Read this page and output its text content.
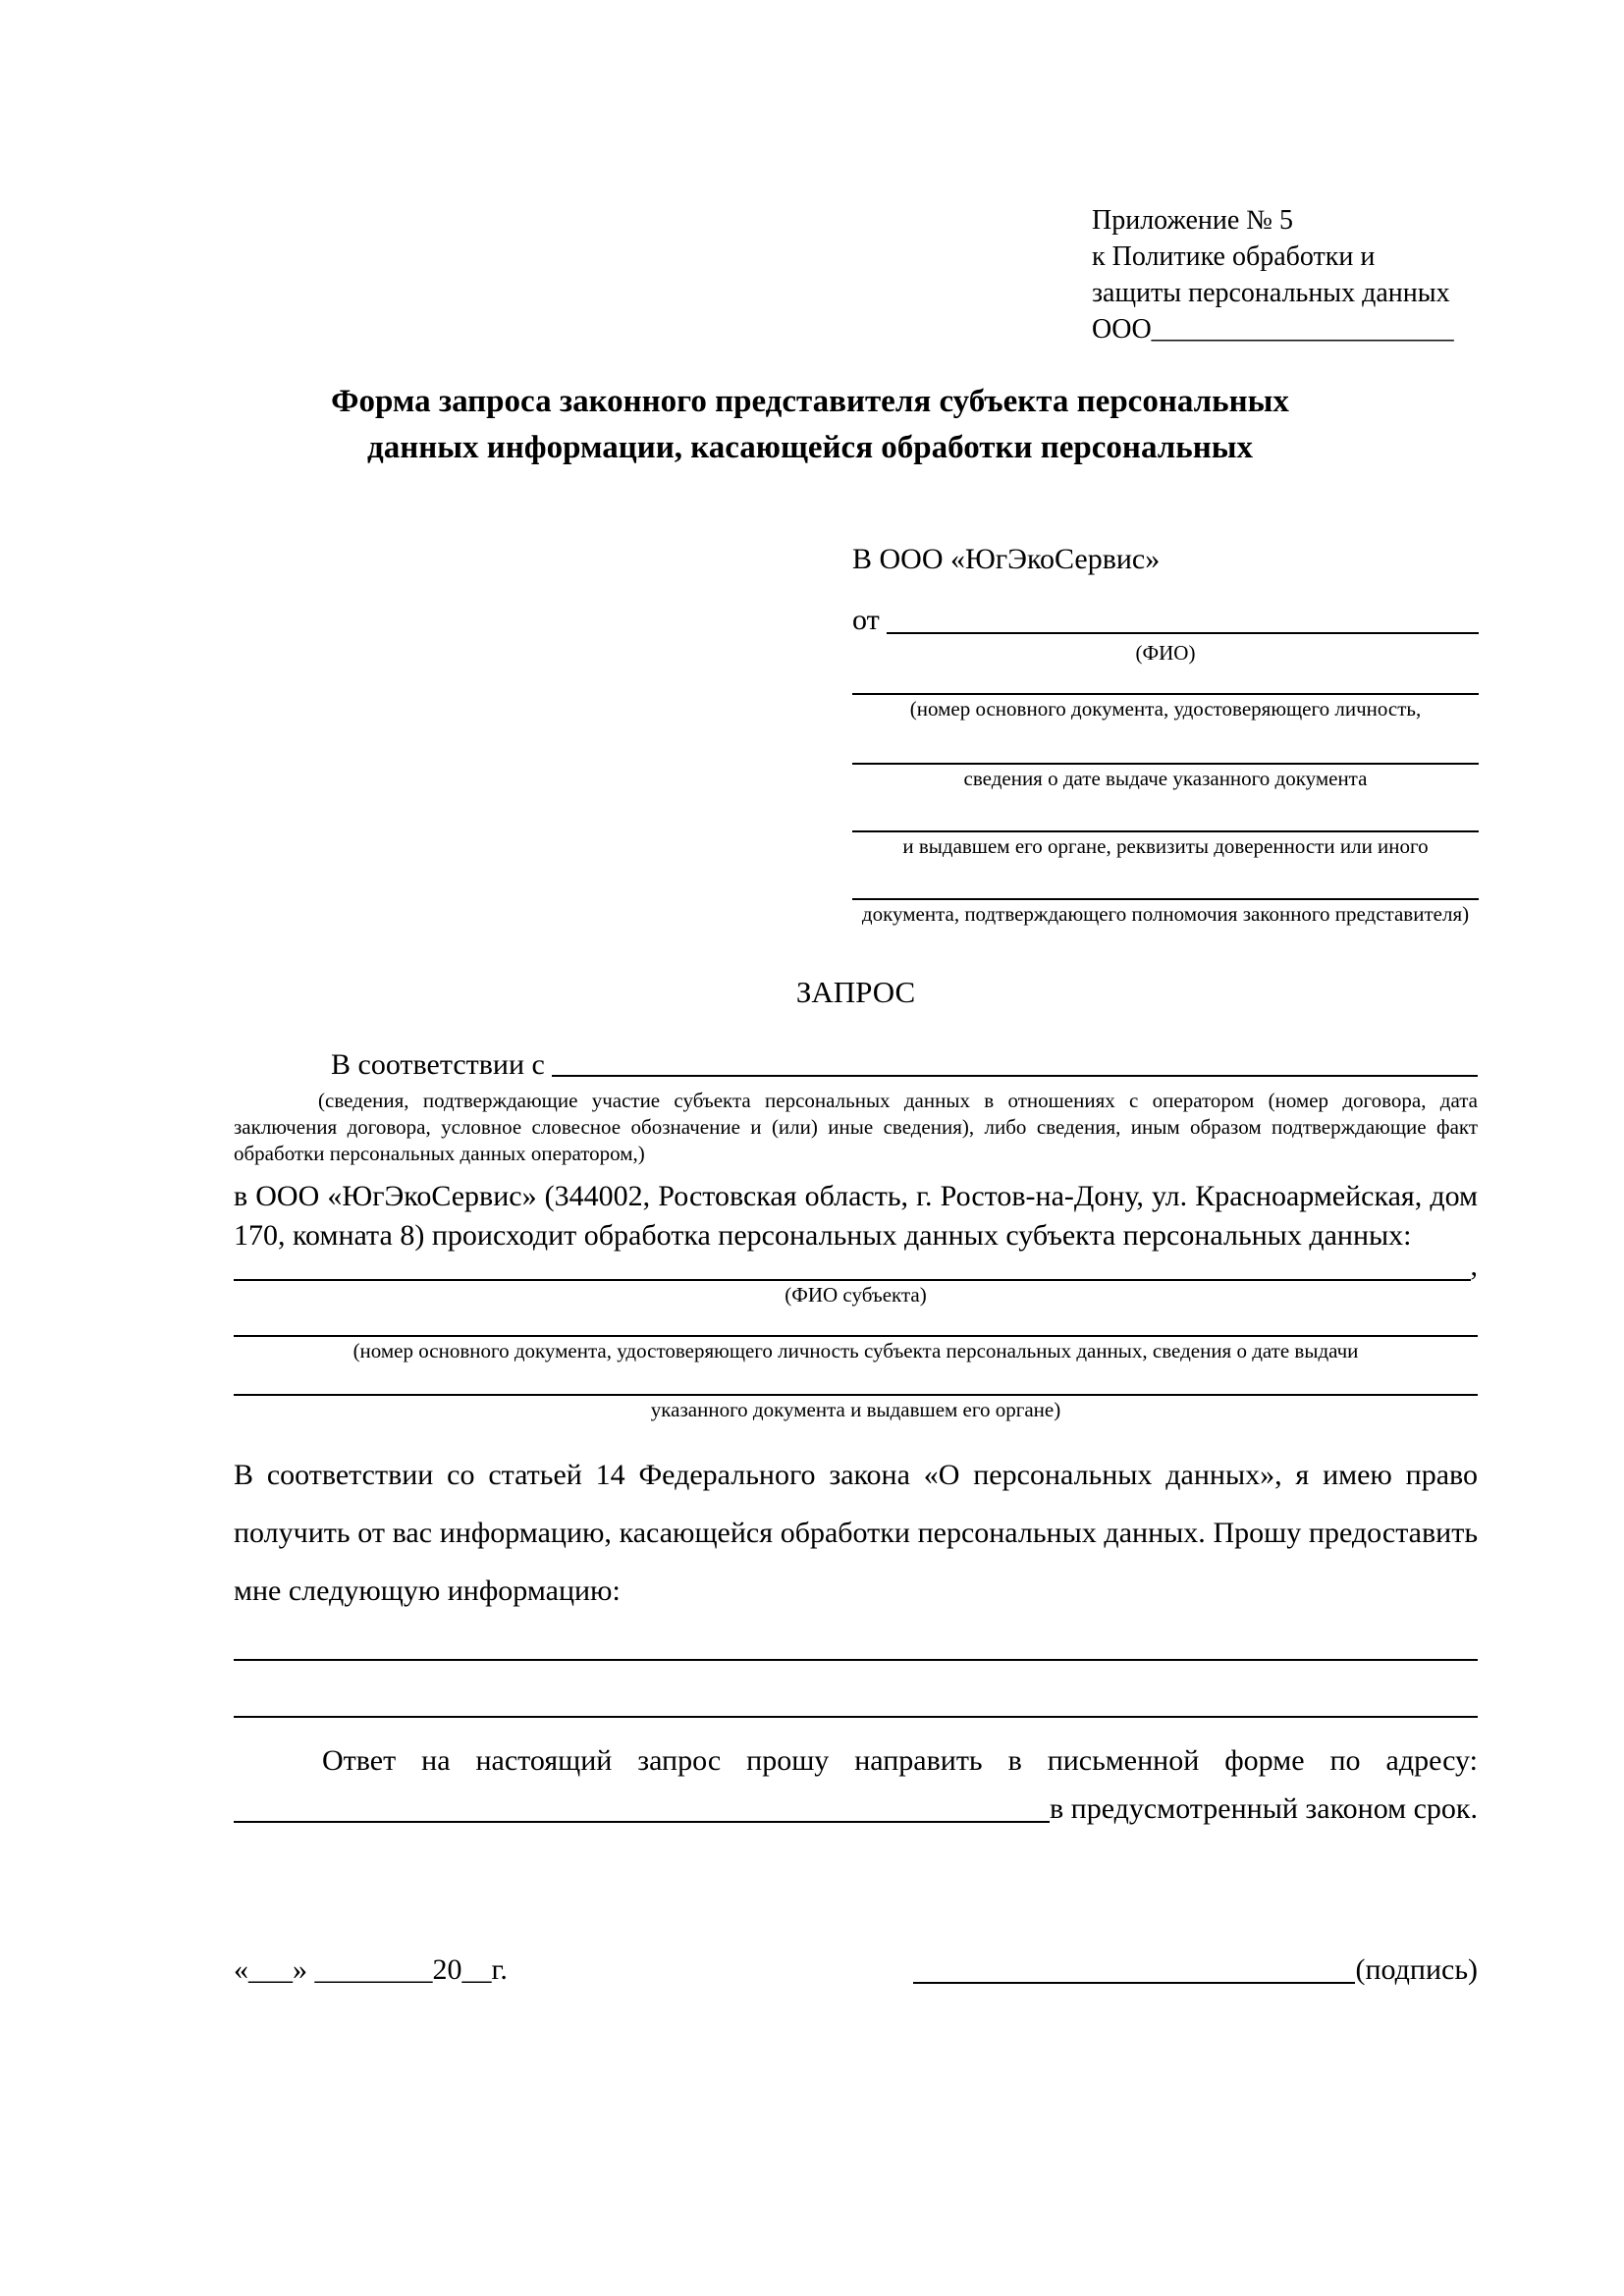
Приложение № 5
к Политике обработки и
защиты персональных данных
ООО______________________
Форма запроса законного представителя субъекта персональных
данных информации, касающейся обработки персональных
В ООО «ЮгЭкоСервис»
от
(ФИО)
(номер основного документа, удостоверяющего личность,
сведения о дате выдаче указанного документа
и выдавшем его органе, реквизиты доверенности или иного
документа, подтверждающего полномочия законного представителя)
ЗАПРОС
В соответствии с

(сведения, подтверждающие участие субъекта персональных данных в отношениях с оператором (номер договора, дата заключения договора, условное словесное обозначение и (или) иные сведения), либо сведения, иным образом подтверждающие факт обработки персональных данных оператором,)

в ООО «ЮгЭкоСервис» (344002, Ростовская область, г. Ростов-на-Дону, ул. Красноармейская, дом 170, комната 8) происходит обработка персональных данных субъекта персональных данных:

,
(ФИО субъекта)
(номер основного документа, удостоверяющего личность субъекта персональных данных, сведения о дате выдачи
указанного документа и выдавшем его органе)

В соответствии со статьей 14 Федерального закона «О персональных данных», я имею право получить от вас информацию, касающейся обработки персональных данных. Прошу предоставить мне следующую информацию:

Ответ на настоящий запрос прошу направить в письменной форме по адресу:

в предусмотренный законом срок.
«___» ________20__г.	(подпись)
